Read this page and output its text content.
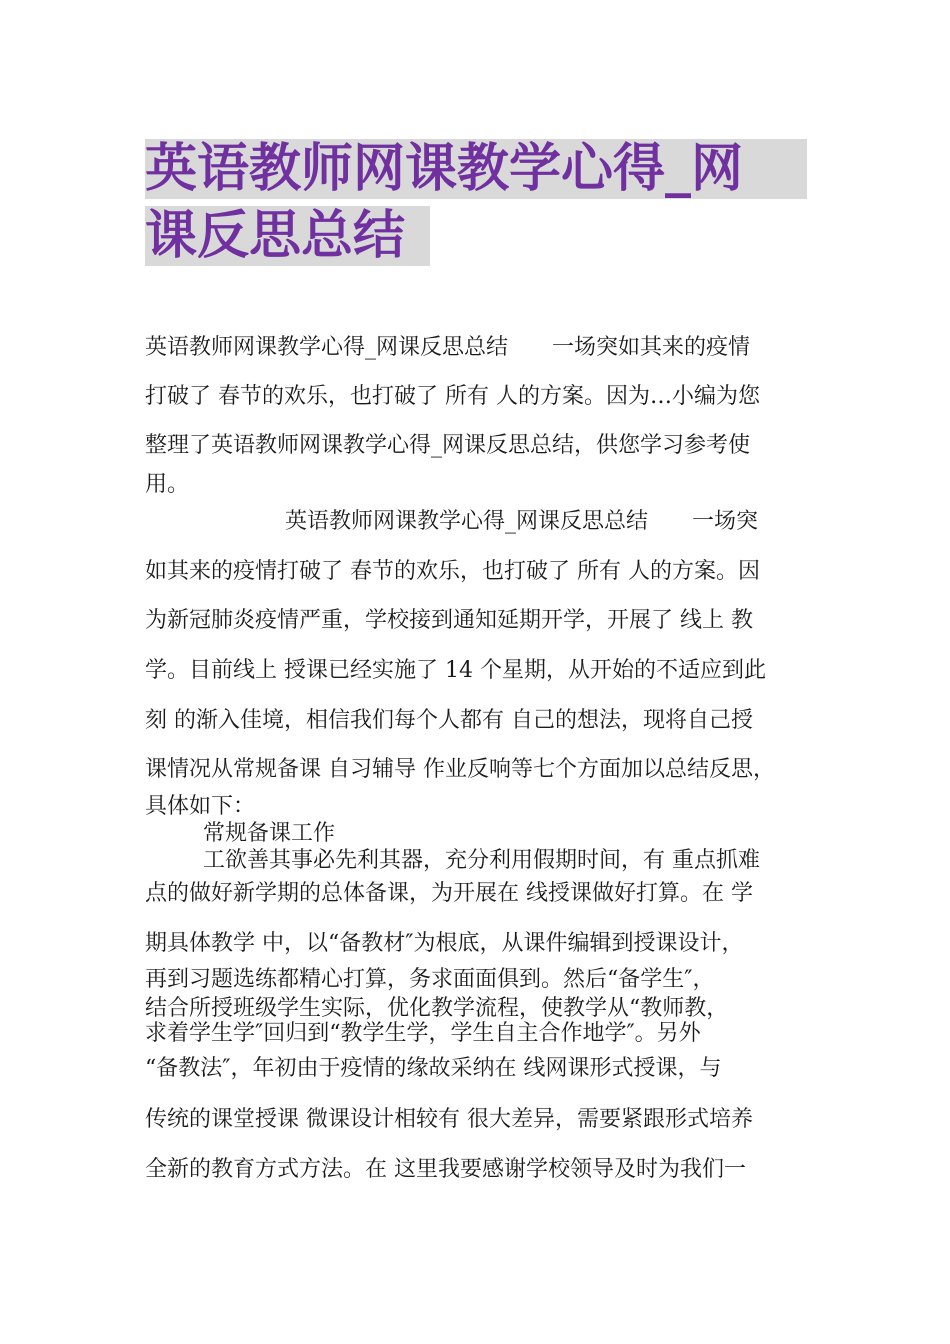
英语教师网课教学心得_网
课反思总结
英语教师网课教学心得_网课反思总结　　一场突如其来的疫情
打破了 春节的欢乐，也打破了 所有 人的方案。因为…小编为您
整理了英语教师网课教学心得_网课反思总结，供您学习参考使
用。
英语教师网课教学心得_网课反思总结　　一场突
如其来的疫情打破了 春节的欢乐，也打破了 所有 人的方案。因
为新冠肺炎疫情严重，学校接到通知延期开学，开展了 线上 教
学。目前线上 授课已经实施了 14 个星期，从开始的不适应到此
刻 的渐入佳境，相信我们每个人都有 自己的想法，现将自己授
课情况从常规备课 自习辅导 作业反响等七个方面加以总结反思，
具体如下：
常规备课工作
工欲善其事必先利其器，充分利用假期时间，有 重点抓难
点的做好新学期的总体备课，为开展在 线授课做好打算。在 学
期具体教学 中，以“备教材″为根底，从课件编辑到授课设计，
再到习题选练都精心打算，务求面面俱到。然后“备学生″，
结合所授班级学生实际，优化教学流程，使教学从“教师教，
求着学生学″回归到“教学生学，学生自主合作地学″。另外
“备教法″，年初由于疫情的缘故采纳在 线网课形式授课，与
传统的课堂授课 微课设计相较有 很大差异，需要紧跟形式培养
全新的教育方式方法。在 这里我要感谢学校领导及时为我们一
